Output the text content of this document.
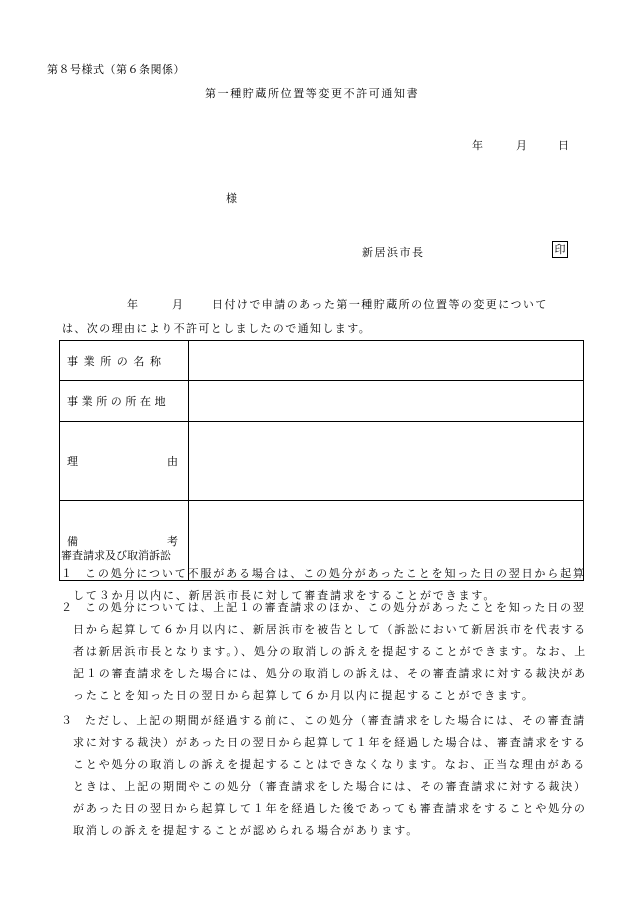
第８号様式（第６条関係）
第一種貯蔵所位置等変更不許可通知書
年	月	日
様
新居浜市長	印
年	月	日付けで申請のあった第一種貯蔵所の位置等の変更について
は、次の理由により不許可としましたので通知します。
事業所の名称	

事業所の所在地	

理 由	

備 考	

審査請求及び取消訴訟
１	この処分について不服がある場合は、この処分があったことを知った日の翌日から起算して３か月以内に、新居浜市長に対して審査請求をすることができます。
２	この処分については、上記１の審査請求のほか、この処分があったことを知った日の翌日から起算して６か月以内に、新居浜市を被告として（訴訟において新居浜市を代表する者は新居浜市長となります。）、処分の取消しの訴えを提起することができます。なお、上記１の審査請求をした場合には、処分の取消しの訴えは、その審査請求に対する裁決があったことを知った日の翌日から起算して６か月以内に提起することができます。
３	ただし、上記の期間が経過する前に、この処分（審査請求をした場合には、その審査請求に対する裁決）があった日の翌日から起算して１年を経過した場合は、審査請求をすることや処分の取消しの訴えを提起することはできなくなります。なお、正当な理由があるときは、上記の期間やこの処分（審査請求をした場合には、その審査請求に対する裁決）があった日の翌日から起算して１年を経過した後であっても審査請求をすることや処分の取消しの訴えを提起することが認められる場合があります。
